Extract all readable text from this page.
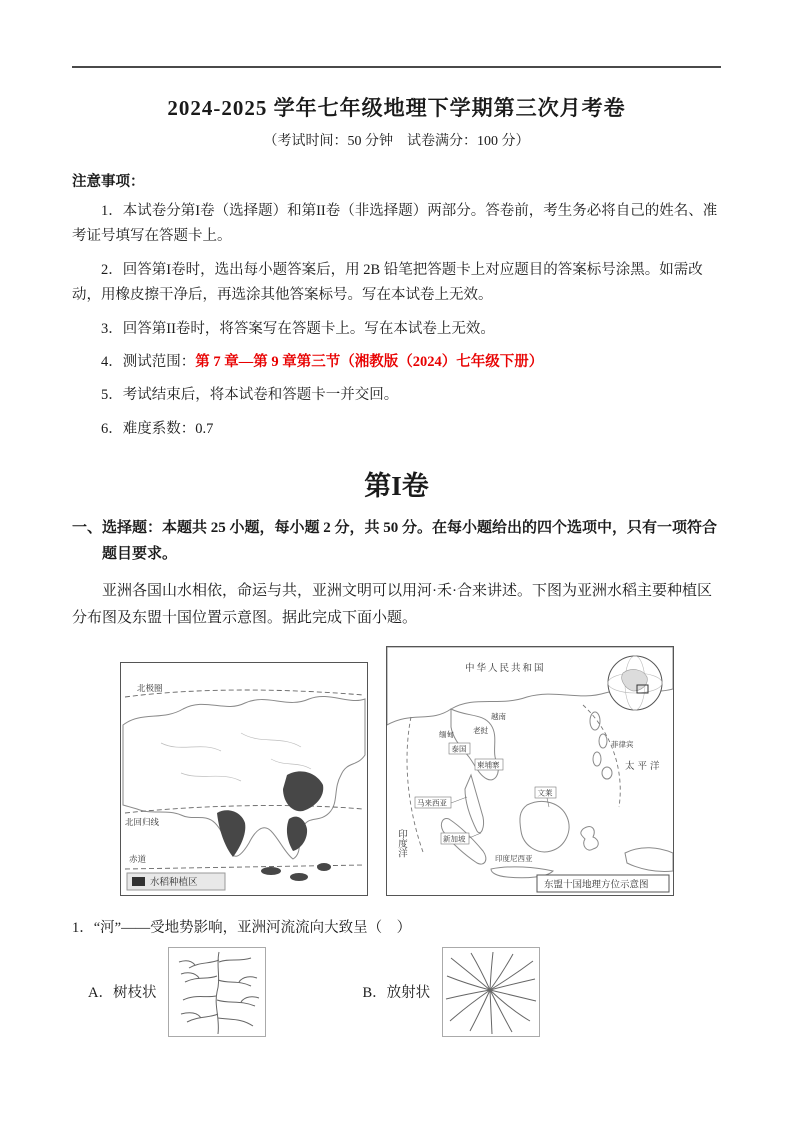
2024-2025 学年七年级地理下学期第三次月考卷
（考试时间：50 分钟　试卷满分：100 分）
注意事项：

1．本试卷分第I卷（选择题）和第II卷（非选择题）两部分。答卷前，考生务必将自己的姓名、准考证号填写在答题卡上。

2．回答第I卷时，选出每小题答案后，用 2B 铅笔把答题卡上对应题目的答案标号涂黑。如需改动，用橡皮擦干净后，再选涂其他答案标号。写在本试卷上无效。

3．回答第II卷时，将答案写在答题卡上。写在本试卷上无效。

4．测试范围：第 7 章—第 9 章第三节（湘教版（2024）七年级下册）

5．考试结束后，将本试卷和答题卡一并交回。

6．难度系数：0.7

第I卷

一、选择题：本题共 25 小题，每小题 2 分，共 50 分。在每小题给出的四个选项中，只有一项符合题目要求。

亚洲各国山水相依，命运与共，亚洲文明可以用河·禾·合来讲述。下图为亚洲水稻主要种植区分布图及东盟十国位置示意图。据此完成下面小题。

北极圈
北回归线
赤道
水稻种植区
中华人民共和国
缅甸	老挝
越南
泰国
柬埔寨
菲律宾
马来西亚
文莱
新加坡
印度尼西亚
太平洋
印度洋
东盟十国地理方位示意图

1．“河”——受地势影响，亚洲河流流向大致呈（　）

A．树枝状	B．放射状
